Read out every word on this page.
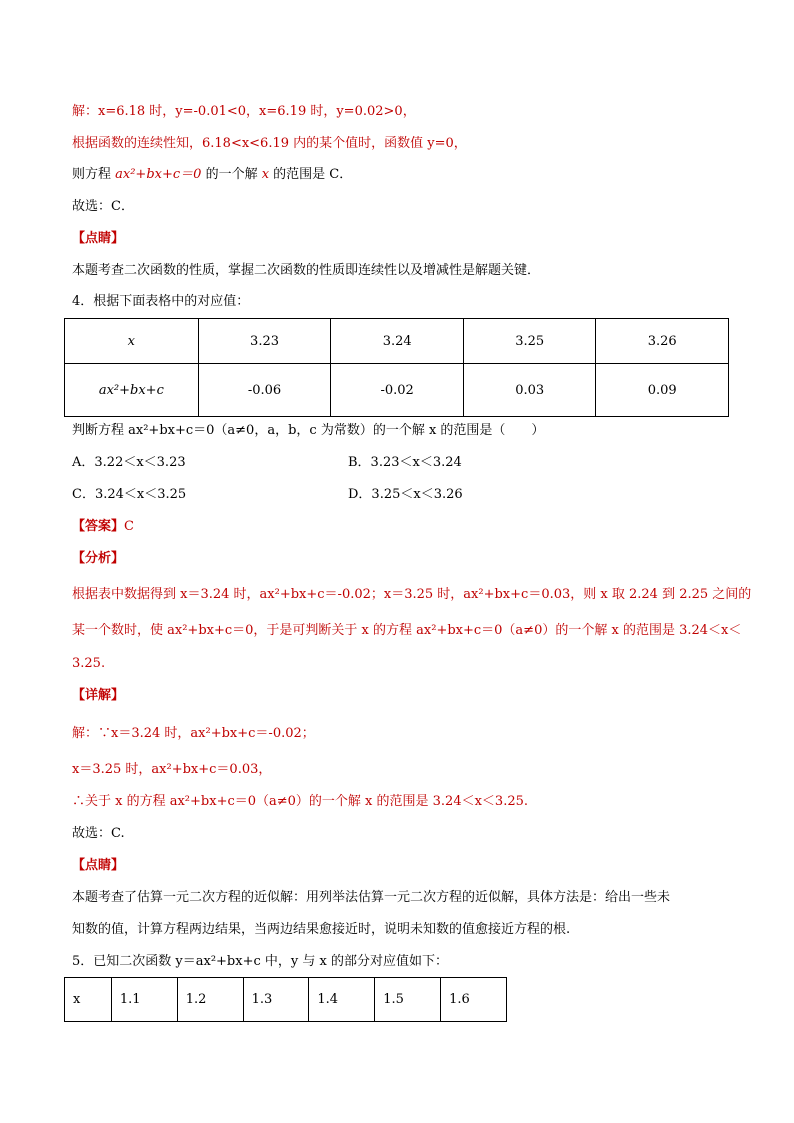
解：x=6.18 时，y=-0.01<0，x=6.19 时，y=0.02>0，
根据函数的连续性知，6.18<x<6.19 内的某个值时，函数值 y=0，
则方程 ax²+bx+c＝0 的一个解 x 的范围是 C．
故选：C．
【点睛】
本题考查二次函数的性质，掌握二次函数的性质即连续性以及增减性是解题关键．
4．根据下面表格中的对应值：
x	3.23	3.24	3.25	3.26
ax²+bx+c	-0.06	-0.02	0.03	0.09
判断方程 ax²+bx+c＝0（a≠0，a，b，c 为常数）的一个解 x 的范围是（　　）
A．3.22＜x＜3.23	B．3.23＜x＜3.24
C．3.24＜x＜3.25	D．3.25＜x＜3.26
【答案】C
【分析】
根据表中数据得到 x＝3.24 时，ax²+bx+c＝-0.02；x＝3.25 时，ax²+bx+c＝0.03，则 x 取 2.24 到 2.25 之间的
某一个数时，使 ax²+bx+c＝0，于是可判断关于 x 的方程 ax²+bx+c＝0（a≠0）的一个解 x 的范围是 3.24＜x＜
3.25.
【详解】
解：∵x＝3.24 时，ax²+bx+c＝-0.02；
x＝3.25 时，ax²+bx+c＝0.03，
∴关于 x 的方程 ax²+bx+c＝0（a≠0）的一个解 x 的范围是 3.24＜x＜3.25.
故选：C.
【点睛】
本题考查了估算一元二次方程的近似解：用列举法估算一元二次方程的近似解，具体方法是：给出一些未
知数的值，计算方程两边结果，当两边结果愈接近时，说明未知数的值愈接近方程的根.
5．已知二次函数 y＝ax²+bx+c 中，y 与 x 的部分对应值如下：
x	1.1	1.2	1.3	1.4	1.5	1.6
